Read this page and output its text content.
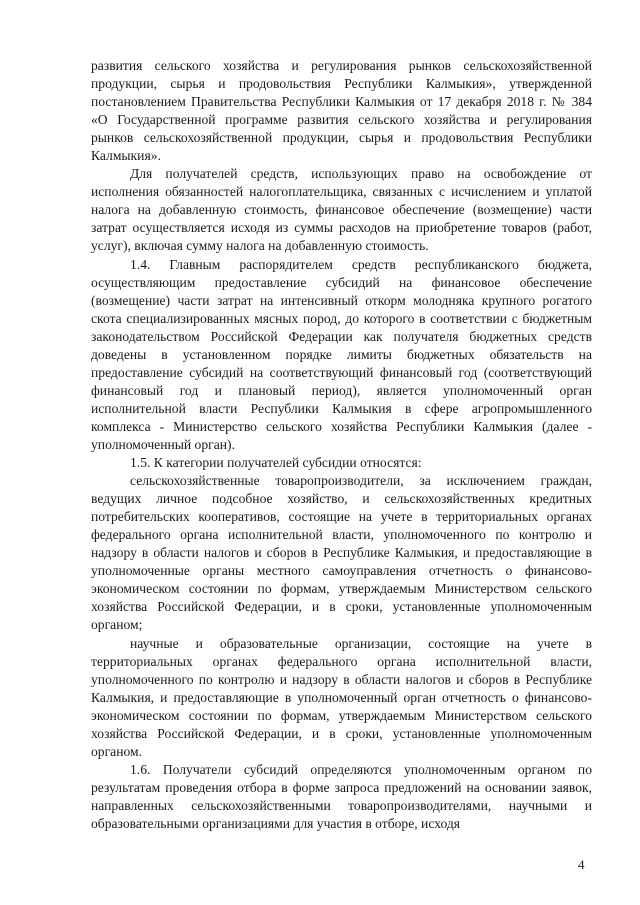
развития сельского хозяйства и регулирования рынков сельскохозяйственной продукции, сырья и продовольствия Республики Калмыкия», утвержденной постановлением Правительства Республики Калмыкия от 17 декабря 2018 г. № 384 «О Государственной программе развития сельского хозяйства и регулирования рынков сельскохозяйственной продукции, сырья и продовольствия Республики Калмыкия».

Для получателей средств, использующих право на освобождение от исполнения обязанностей налогоплательщика, связанных с исчислением и уплатой налога на добавленную стоимость, финансовое обеспечение (возмещение) части затрат осуществляется исходя из суммы расходов на приобретение товаров (работ, услуг), включая сумму налога на добавленную стоимость.

1.4. Главным распорядителем средств республиканского бюджета, осуществляющим предоставление субсидий на финансовое обеспечение (возмещение) части затрат на интенсивный откорм молодняка крупного рогатого скота специализированных мясных пород, до которого в соответствии с бюджетным законодательством Российской Федерации как получателя бюджетных средств доведены в установленном порядке лимиты бюджетных обязательств на предоставление субсидий на соответствующий финансовый год (соответствующий финансовый год и плановый период), является уполномоченный орган исполнительной власти Республики Калмыкия в сфере агропромышленного комплекса - Министерство сельского хозяйства Республики Калмыкия (далее - уполномоченный орган).

1.5. К категории получателей субсидии относятся:

сельскохозяйственные товаропроизводители, за исключением граждан, ведущих личное подсобное хозяйство, и сельскохозяйственных кредитных потребительских кооперативов, состоящие на учете в территориальных органах федерального органа исполнительной власти, уполномоченного по контролю и надзору в области налогов и сборов в Республике Калмыкия, и предоставляющие в уполномоченные органы местного самоуправления отчетность о финансово-экономическом состоянии по формам, утверждаемым Министерством сельского хозяйства Российской Федерации, и в сроки, установленные уполномоченным органом;

научные и образовательные организации, состоящие на учете в территориальных органах федерального органа исполнительной власти, уполномоченного по контролю и надзору в области налогов и сборов в Республике Калмыкия, и предоставляющие в уполномоченный орган отчетность о финансово-экономическом состоянии по формам, утверждаемым Министерством сельского хозяйства Российской Федерации, и в сроки, установленные уполномоченным органом.

1.6. Получатели субсидий определяются уполномоченным органом по результатам проведения отбора в форме запроса предложений на основании заявок, направленных сельскохозяйственными товаропроизводителями, научными и образовательными организациями для участия в отборе, исходя

4
